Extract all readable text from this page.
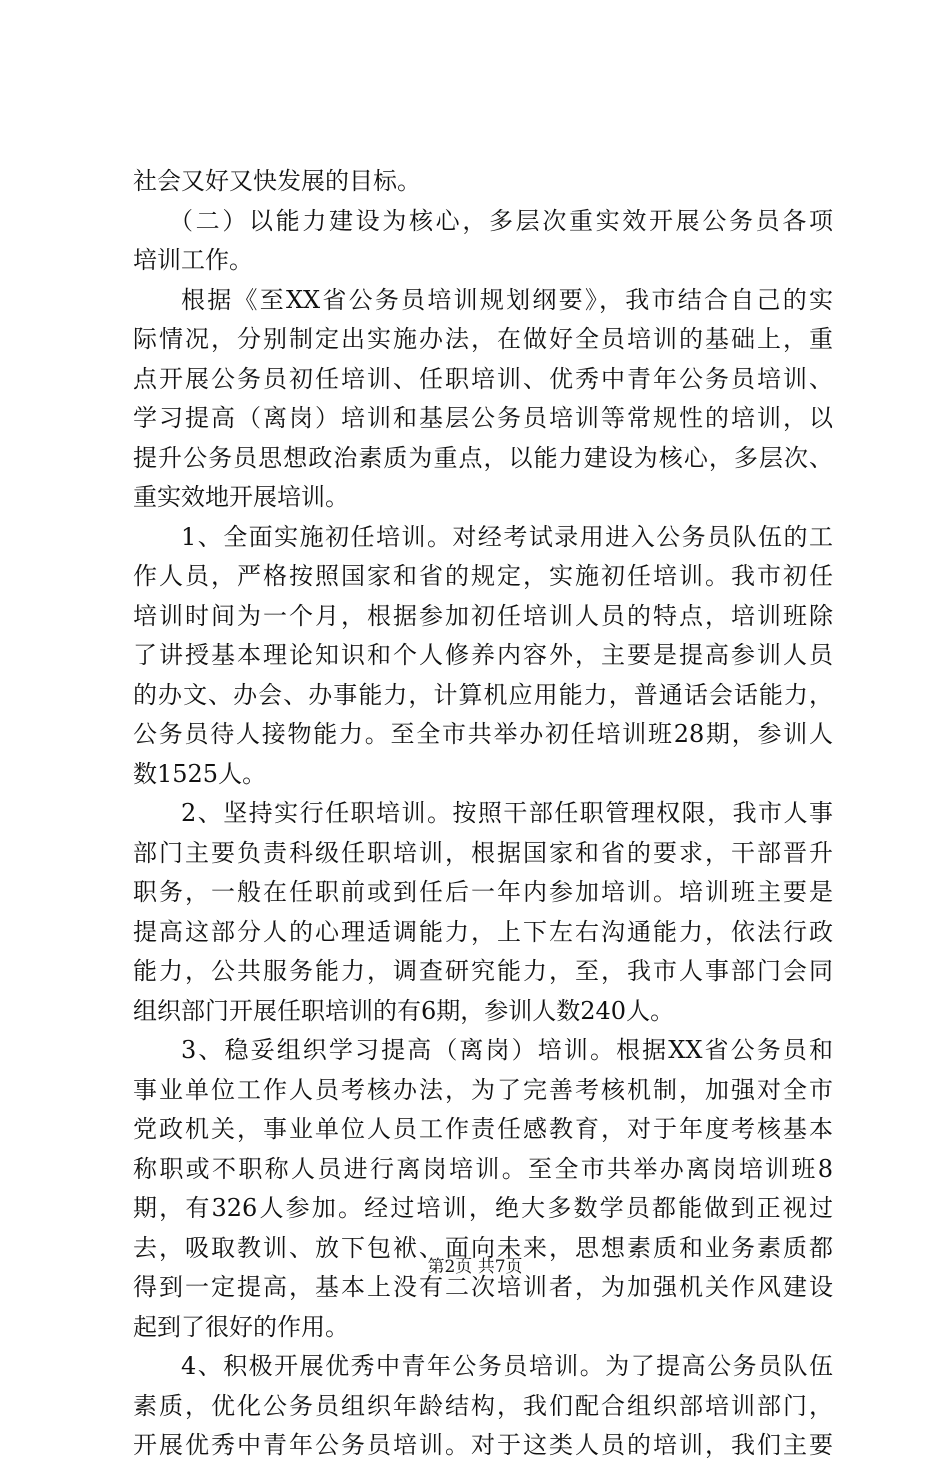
社会又好又快发展的目标。
（二）以能力建设为核心，多层次重实效开展公务员各项
培训工作。
根据《至XX省公务员培训规划纲要》，我市结合自己的实
际情况，分别制定出实施办法，在做好全员培训的基础上，重
点开展公务员初任培训、任职培训、优秀中青年公务员培训、
学习提高（离岗）培训和基层公务员培训等常规性的培训，以
提升公务员思想政治素质为重点，以能力建设为核心，多层次、
重实效地开展培训。
1、全面实施初任培训。对经考试录用进入公务员队伍的工
作人员，严格按照国家和省的规定，实施初任培训。我市初任
培训时间为一个月，根据参加初任培训人员的特点，培训班除
了讲授基本理论知识和个人修养内容外，主要是提高参训人员
的办文、办会、办事能力，计算机应用能力，普通话会话能力，
公务员待人接物能力。至全市共举办初任培训班28期，参训人
数1525人。
2、坚持实行任职培训。按照干部任职管理权限，我市人事
部门主要负责科级任职培训，根据国家和省的要求，干部晋升
职务，一般在任职前或到任后一年内参加培训。培训班主要是
提高这部分人的心理适调能力，上下左右沟通能力，依法行政
能力，公共服务能力，调查研究能力，至，我市人事部门会同
组织部门开展任职培训的有6期，参训人数240人。
3、稳妥组织学习提高（离岗）培训。根据XX省公务员和
事业单位工作人员考核办法，为了完善考核机制，加强对全市
党政机关，事业单位人员工作责任感教育，对于年度考核基本
称职或不职称人员进行离岗培训。至全市共举办离岗培训班8
期，有326人参加。经过培训，绝大多数学员都能做到正视过
去，吸取教训、放下包袱、面向未来，思想素质和业务素质都
得到一定提高，基本上没有二次培训者，为加强机关作风建设
起到了很好的作用。
4、积极开展优秀中青年公务员培训。为了提高公务员队伍
素质，优化公务员组织年龄结构，我们配合组织部培训部门，
开展优秀中青年公务员培训。对于这类人员的培训，我们主要
第2页 共7页
